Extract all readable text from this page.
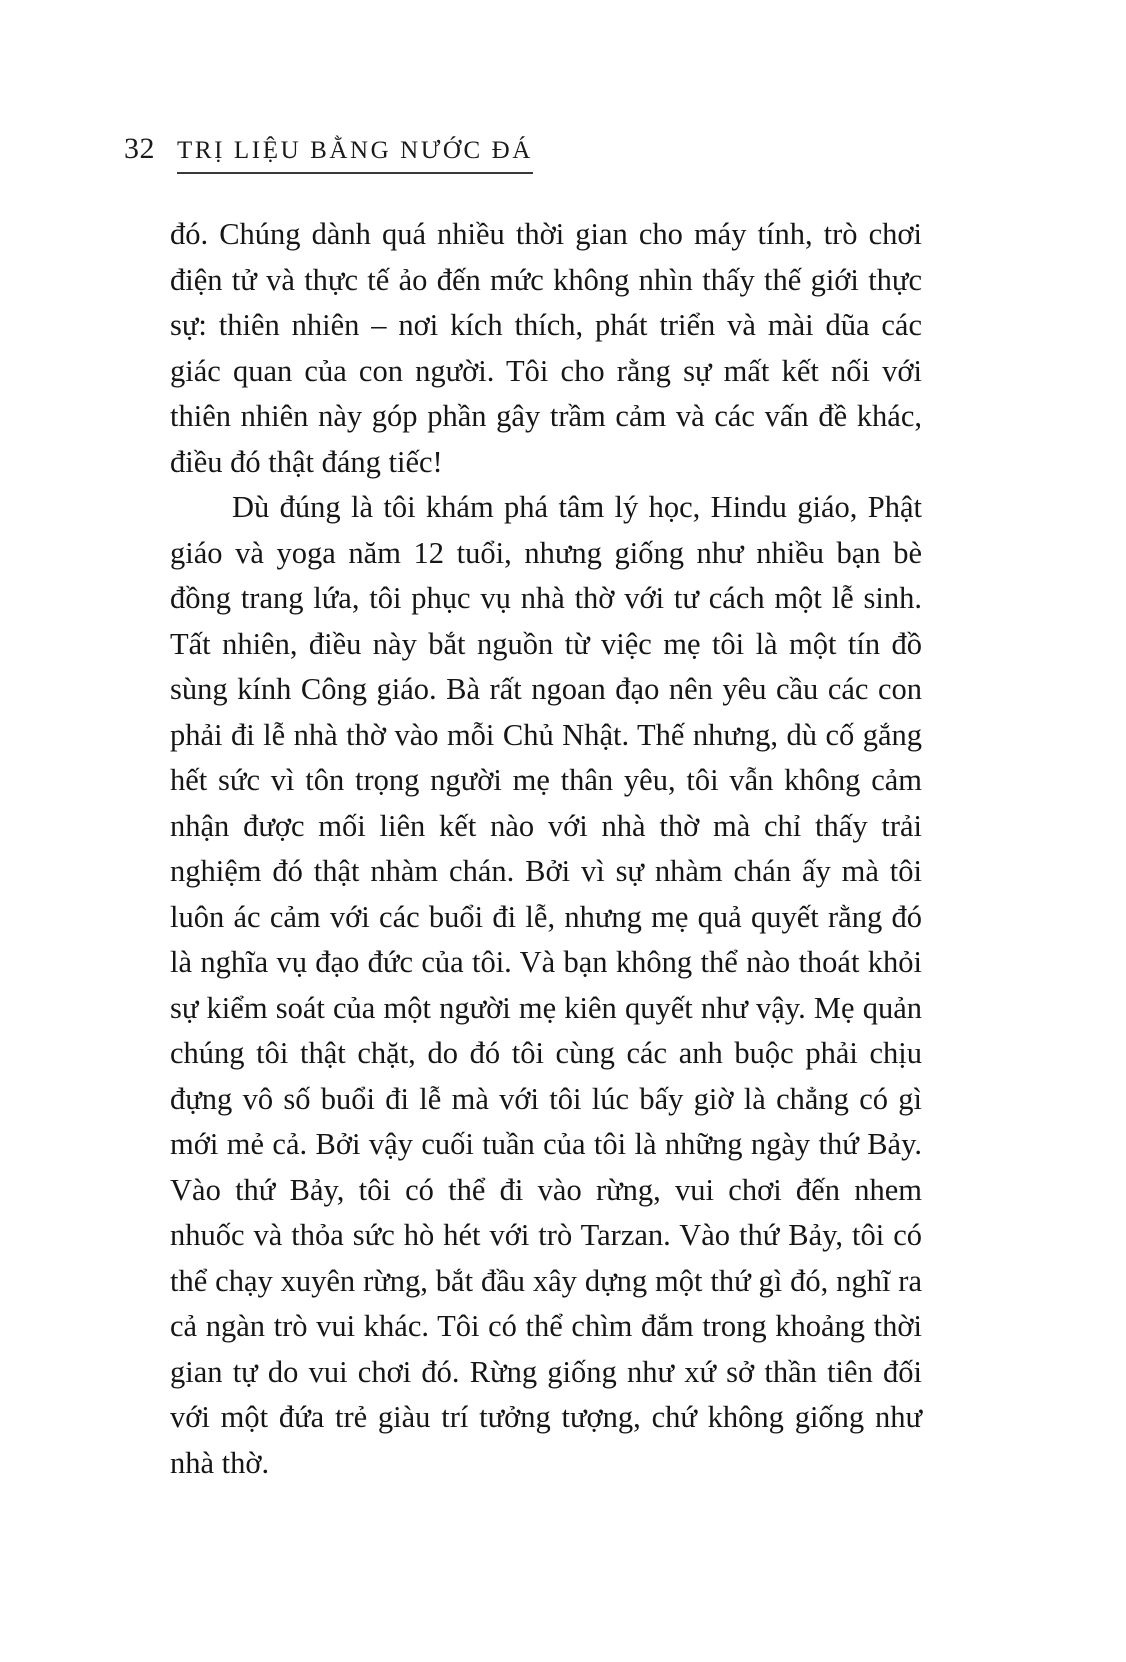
32 TRỊ LIỆU BẰNG NƯỚC ĐÁ

đó. Chúng dành quá nhiều thời gian cho máy tính, trò chơi điện tử và thực tế ảo đến mức không nhìn thấy thế giới thực sự: thiên nhiên – nơi kích thích, phát triển và mài dũa các giác quan của con người. Tôi cho rằng sự mất kết nối với thiên nhiên này góp phần gây trầm cảm và các vấn đề khác, điều đó thật đáng tiếc!

Dù đúng là tôi khám phá tâm lý học, Hindu giáo, Phật giáo và yoga năm 12 tuổi, nhưng giống như nhiều bạn bè đồng trang lứa, tôi phục vụ nhà thờ với tư cách một lễ sinh. Tất nhiên, điều này bắt nguồn từ việc mẹ tôi là một tín đồ sùng kính Công giáo. Bà rất ngoan đạo nên yêu cầu các con phải đi lễ nhà thờ vào mỗi Chủ Nhật. Thế nhưng, dù cố gắng hết sức vì tôn trọng người mẹ thân yêu, tôi vẫn không cảm nhận được mối liên kết nào với nhà thờ mà chỉ thấy trải nghiệm đó thật nhàm chán. Bởi vì sự nhàm chán ấy mà tôi luôn ác cảm với các buổi đi lễ, nhưng mẹ quả quyết rằng đó là nghĩa vụ đạo đức của tôi. Và bạn không thể nào thoát khỏi sự kiểm soát của một người mẹ kiên quyết như vậy. Mẹ quản chúng tôi thật chặt, do đó tôi cùng các anh buộc phải chịu đựng vô số buổi đi lễ mà với tôi lúc bấy giờ là chẳng có gì mới mẻ cả. Bởi vậy cuối tuần của tôi là những ngày thứ Bảy. Vào thứ Bảy, tôi có thể đi vào rừng, vui chơi đến nhem nhuốc và thỏa sức hò hét với trò Tarzan. Vào thứ Bảy, tôi có thể chạy xuyên rừng, bắt đầu xây dựng một thứ gì đó, nghĩ ra cả ngàn trò vui khác. Tôi có thể chìm đắm trong khoảng thời gian tự do vui chơi đó. Rừng giống như xứ sở thần tiên đối với một đứa trẻ giàu trí tưởng tượng, chứ không giống như nhà thờ.
